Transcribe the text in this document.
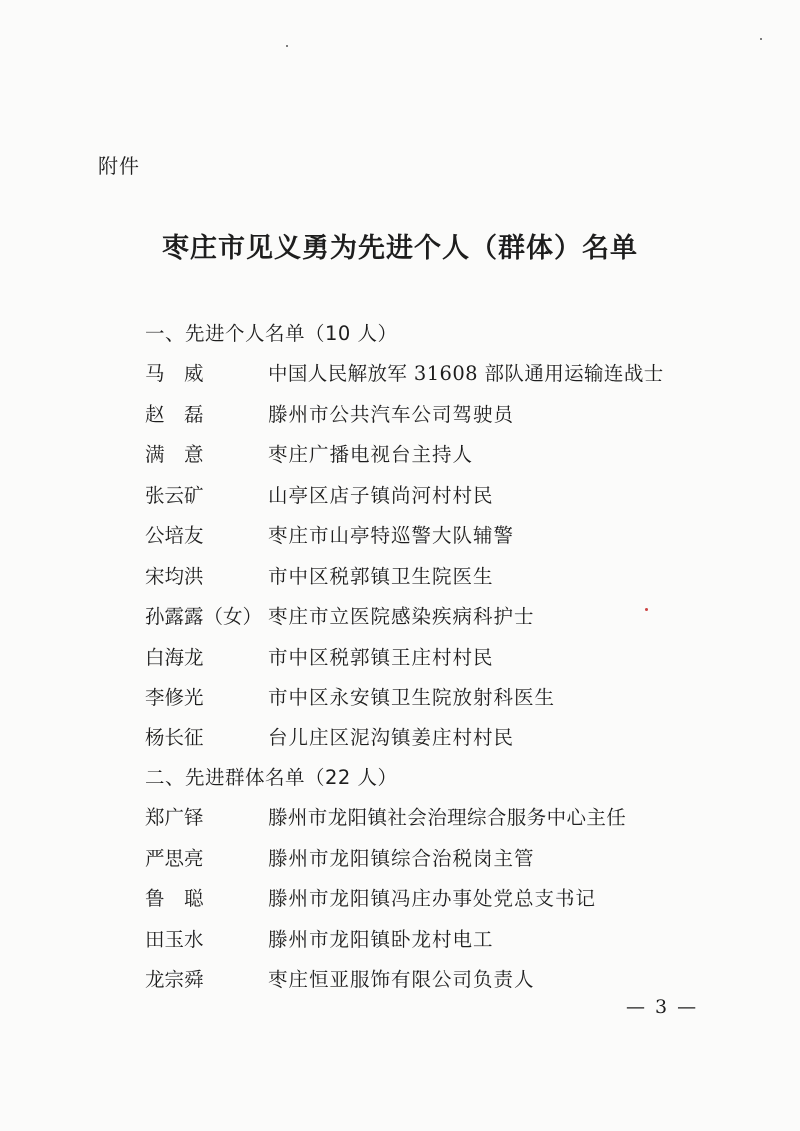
附件
枣庄市见义勇为先进个人（群体）名单
一、先进个人名单（10 人）
马　威	中国人民解放军 31608 部队通用运输连战士
赵　磊	滕州市公共汽车公司驾驶员
满　意	枣庄广播电视台主持人
张云矿	山亭区店子镇尚河村村民
公培友	枣庄市山亭特巡警大队辅警
宋均洪	市中区税郭镇卫生院医生
孙露露（女） 枣庄市立医院感染疾病科护士
白海龙	市中区税郭镇王庄村村民
李修光	市中区永安镇卫生院放射科医生
杨长征	台儿庄区泥沟镇姜庄村村民
二、先进群体名单（22 人）
郑广铎	滕州市龙阳镇社会治理综合服务中心主任
严思亮	滕州市龙阳镇综合治税岗主管
鲁　聪	滕州市龙阳镇冯庄办事处党总支书记
田玉水	滕州市龙阳镇卧龙村电工
龙宗舜	枣庄恒亚服饰有限公司负责人
— 3 —
